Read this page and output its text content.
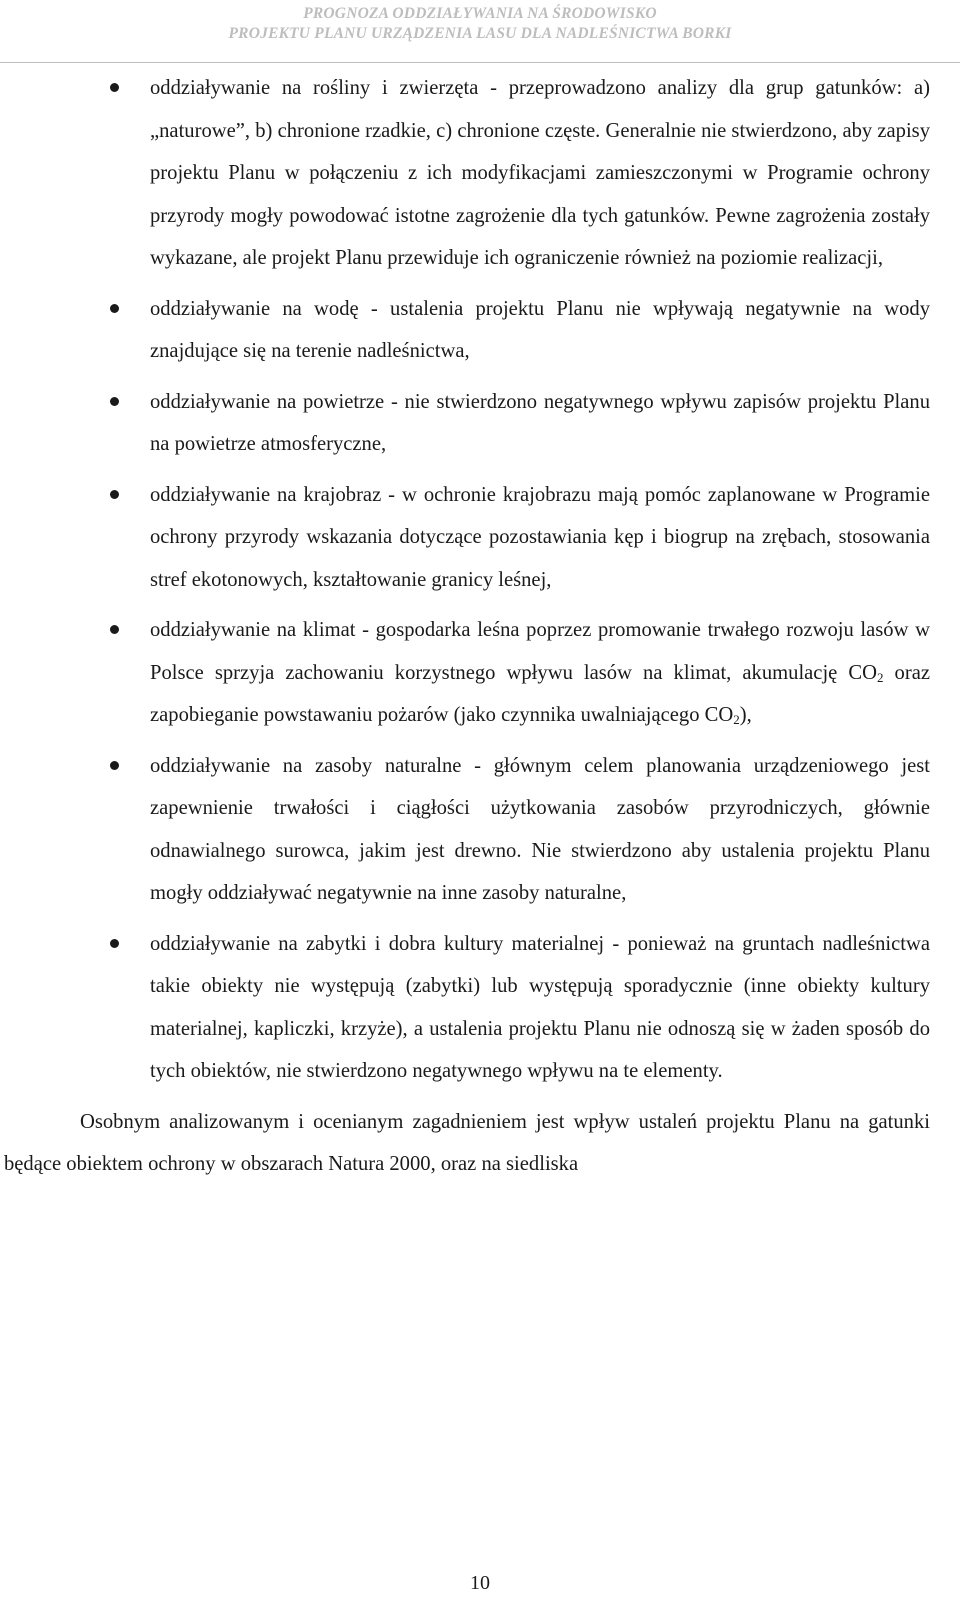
PROGNOZA ODDZIAŁYWANIA NA ŚRODOWISKO
PROJEKTU PLANU URZĄDZENIA LASU DLA NADLEŚNICTWA BORKI
oddziaływanie na rośliny i zwierzęta - przeprowadzono analizy dla grup gatunków: a) „naturowe”, b) chronione rzadkie, c) chronione częste. Generalnie nie stwierdzono, aby zapisy projektu Planu w połączeniu z ich modyfikacjami zamieszczonymi w Programie ochrony przyrody mogły powodować istotne zagrożenie dla tych gatunków. Pewne zagrożenia zostały wykazane, ale projekt Planu przewiduje ich ograniczenie również na poziomie realizacji,
oddziaływanie na wodę - ustalenia projektu Planu nie wpływają negatywnie na wody znajdujące się na terenie nadleśnictwa,
oddziaływanie na powietrze - nie stwierdzono negatywnego wpływu zapisów projektu Planu na powietrze atmosferyczne,
oddziaływanie na krajobraz - w ochronie krajobrazu mają pomóc zaplanowane w Programie ochrony przyrody wskazania dotyczące pozostawiania kęp i biogrup na zrębach, stosowania stref ekotonowych, kształtowanie granicy leśnej,
oddziaływanie na klimat - gospodarka leśna poprzez promowanie trwałego rozwoju lasów w Polsce sprzyja zachowaniu korzystnego wpływu lasów na klimat, akumulację $CO_2$ oraz zapobieganie powstawaniu pożarów (jako czynnika uwalniającego $CO_2$),
oddziaływanie na zasoby naturalne - głównym celem planowania urządzeniowego jest zapewnienie trwałości i ciągłości użytkowania zasobów przyrodniczych, głównie odnawialnego surowca, jakim jest drewno. Nie stwierdzono aby ustalenia projektu Planu mogły oddziaływać negatywnie na inne zasoby naturalne,
oddziaływanie na zabytki i dobra kultury materialnej - ponieważ na gruntach nadleśnictwa takie obiekty nie występują (zabytki) lub występują sporadycznie (inne obiekty kultury materialnej, kapliczki, krzyże), a ustalenia projektu Planu nie odnoszą się w żaden sposób do tych obiektów, nie stwierdzono negatywnego wpływu na te elementy.

Osobnym analizowanym i ocenianym zagadnieniem jest wpływ ustaleń projektu Planu na gatunki będące obiektem ochrony w obszarach Natura 2000, oraz na siedliska

10
